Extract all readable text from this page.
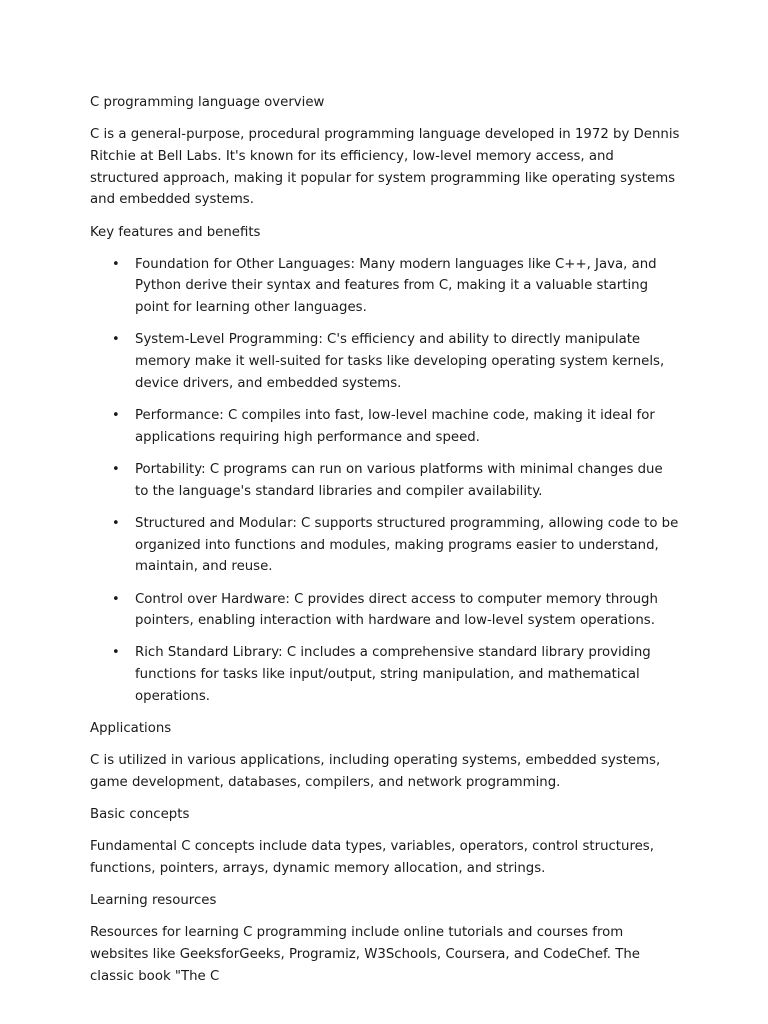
C programming language overview

C is a general-purpose, procedural programming language developed in 1972 by Dennis Ritchie at Bell Labs. It's known for its efficiency, low-level memory access, and structured approach, making it popular for system programming like operating systems and embedded systems.

Key features and benefits

• Foundation for Other Languages: Many modern languages like C++, Java, and Python derive their syntax and features from C, making it a valuable starting point for learning other languages.
• System-Level Programming: C's efficiency and ability to directly manipulate memory make it well-suited for tasks like developing operating system kernels, device drivers, and embedded systems.
• Performance: C compiles into fast, low-level machine code, making it ideal for applications requiring high performance and speed.
• Portability: C programs can run on various platforms with minimal changes due to the language's standard libraries and compiler availability.
• Structured and Modular: C supports structured programming, allowing code to be organized into functions and modules, making programs easier to understand, maintain, and reuse.
• Control over Hardware: C provides direct access to computer memory through pointers, enabling interaction with hardware and low-level system operations.
• Rich Standard Library: C includes a comprehensive standard library providing functions for tasks like input/output, string manipulation, and mathematical operations.

Applications

C is utilized in various applications, including operating systems, embedded systems, game development, databases, compilers, and network programming.

Basic concepts

Fundamental C concepts include data types, variables, operators, control structures, functions, pointers, arrays, dynamic memory allocation, and strings.

Learning resources

Resources for learning C programming include online tutorials and courses from websites like GeeksforGeeks, Programiz, W3Schools, Coursera, and CodeChef. The classic book "The C
